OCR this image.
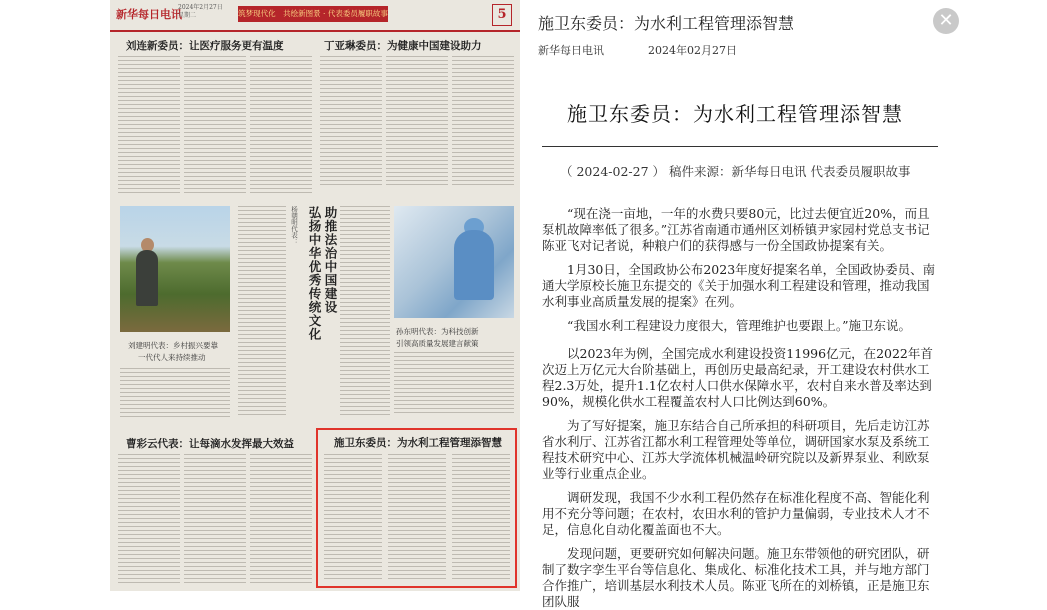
新华每日电讯
2024年2月27日
星期二	筑梦现代化　共绘新图景 · 代表委员履职故事	5
刘连新委员：让医疗服务更有温度	丁亚琳委员：为健康中国建设助力
刘建明代表：乡村振兴要靠
一代代人来持续推动
助推法治中国建设
弘扬中华优秀传统文化
杨朝明代表：
孙东明代表：为科技创新
引领高质量发展建言献策
曹彩云代表：让每滴水发挥最大效益	施卫东委员：为水利工程管理添智慧
施卫东委员：为水利工程管理添智慧
新华每日电讯	2024年02月27日
✕
施卫东委员：为水利工程管理添智慧
（ 2024-02-27 ） 稿件来源：新华每日电讯 代表委员履职故事

“现在浇一亩地，一年的水费只要80元，比过去便宜近20%，而且泵机故障率低了很多。”江苏省南通市通州区刘桥镇尹家园村党总支书记陈亚飞对记者说，种粮户们的获得感与一份全国政协提案有关。

1月30日，全国政协公布2023年度好提案名单，全国政协委员、南通大学原校长施卫东提交的《关于加强水利工程建设和管理，推动我国水利事业高质量发展的提案》在列。

“我国水利工程建设力度很大，管理维护也要跟上。”施卫东说。

以2023年为例，全国完成水利建设投资11996亿元，在2022年首次迈上万亿元大台阶基础上，再创历史最高纪录，开工建设农村供水工程2.3万处，提升1.1亿农村人口供水保障水平，农村自来水普及率达到90%，规模化供水工程覆盖农村人口比例达到60%。

为了写好提案，施卫东结合自己所承担的科研项目，先后走访江苏省水利厅、江苏省江都水利工程管理处等单位，调研国家水泵及系统工程技术研究中心、江苏大学流体机械温岭研究院以及新界泵业、利欧泵业等行业重点企业。

调研发现，我国不少水利工程仍然存在标准化程度不高、智能化利用不充分等问题；在农村，农田水利的管护力量偏弱，专业技术人才不足，信息化自动化覆盖面也不大。

发现问题，更要研究如何解决问题。施卫东带领他的研究团队，研制了数字孪生平台等信息化、集成化、标准化技术工具，并与地方部门合作推广，培训基层水利技术人员。陈亚飞所在的刘桥镇，正是施卫东团队服
